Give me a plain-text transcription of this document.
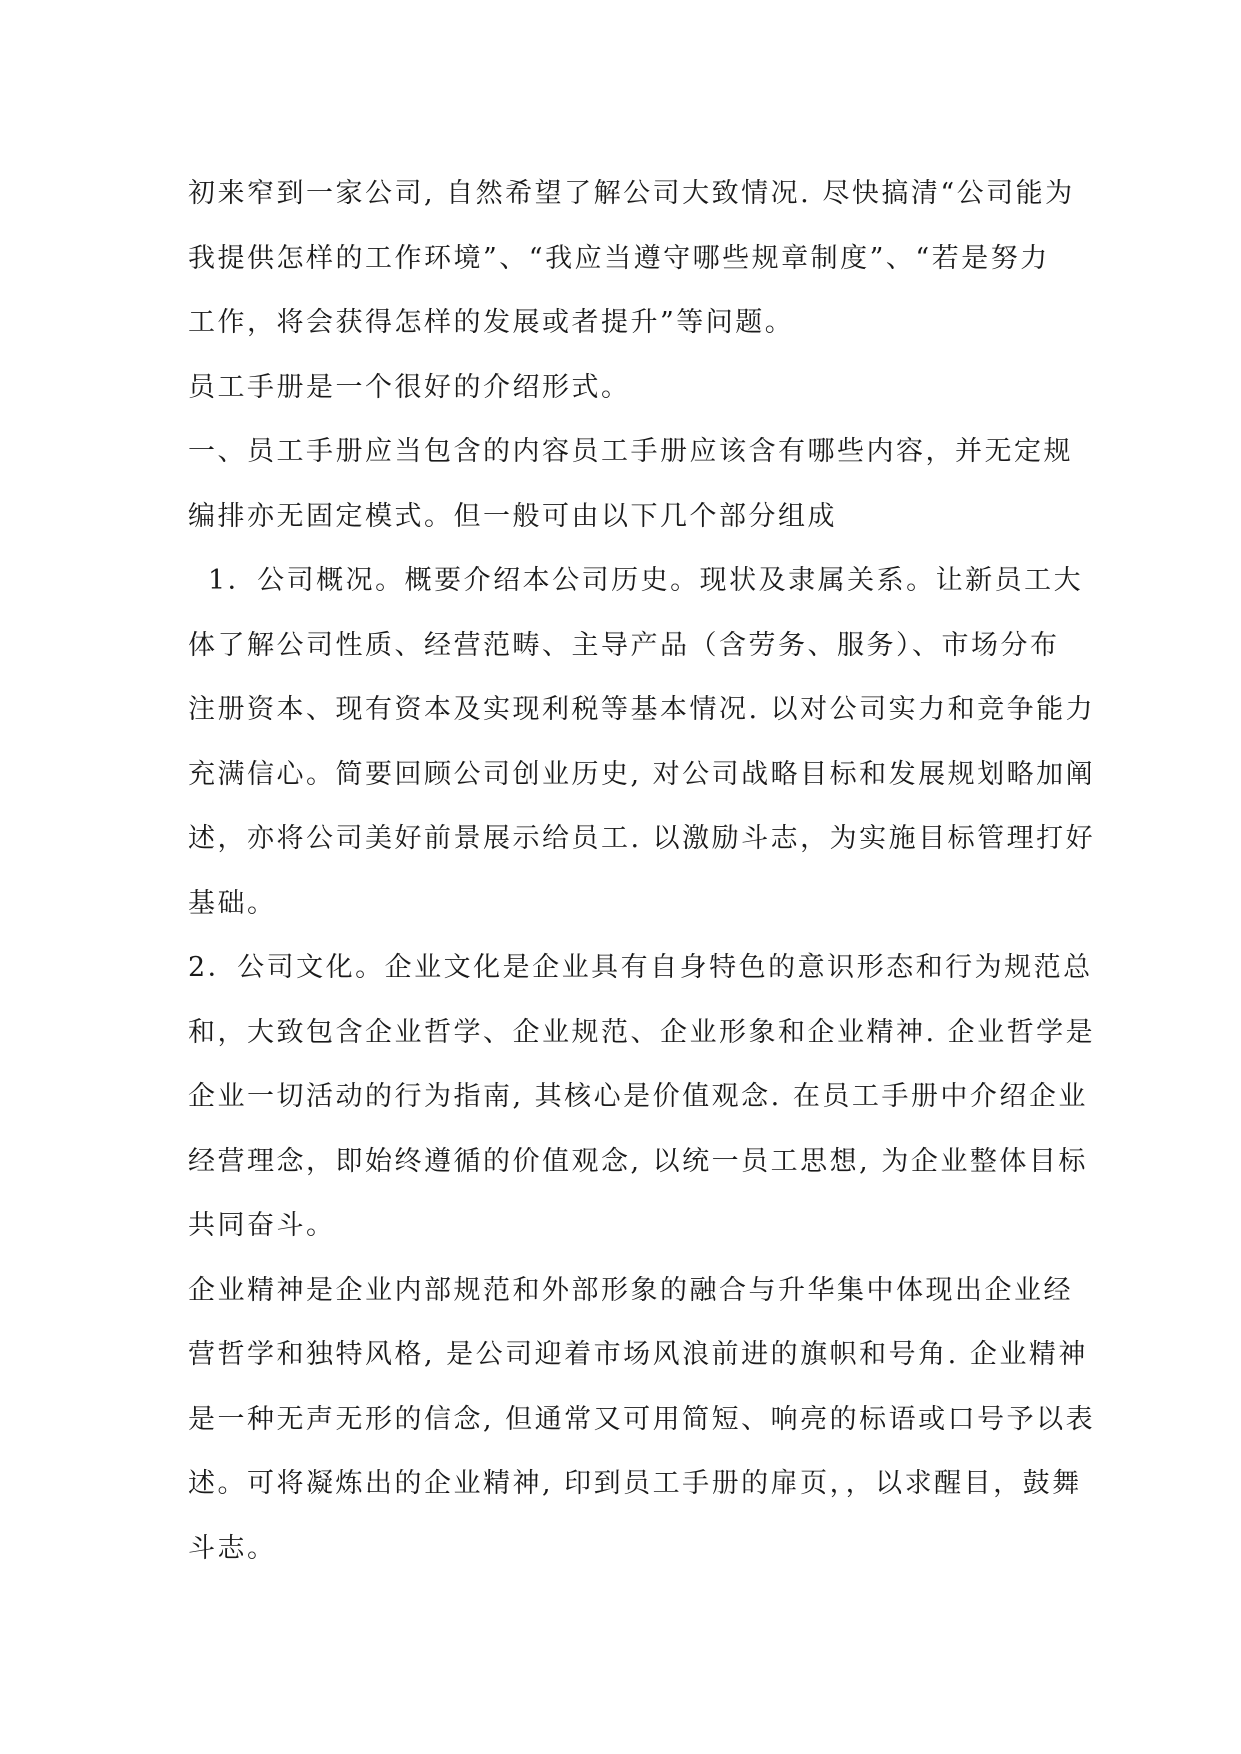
初来窄到一家公司, 自然希望了解公司大致情况. 尽快搞清“公司能为
我提供怎样的工作环境”、“我应当遵守哪些规章制度”、“若是努力
工作，将会获得怎样的发展或者提升”等问题。
员工手册是一个很好的介绍形式。
一、员工手册应当包含的内容员工手册应该含有哪些内容，并无定规
编排亦无固定模式。但一般可由以下几个部分组成
1．公司概况。概要介绍本公司历史。现状及隶属关系。让新员工大
体了解公司性质、经营范畴、主导产品（含劳务、服务）、市场分布
注册资本、现有资本及实现利税等基本情况. 以对公司实力和竞争能力
充满信心。简要回顾公司创业历史, 对公司战略目标和发展规划略加阐
述，亦将公司美好前景展示给员工. 以激励斗志，为实施目标管理打好
基础。
2．公司文化。企业文化是企业具有自身特色的意识形态和行为规范总
和，大致包含企业哲学、企业规范、企业形象和企业精神. 企业哲学是
企业一切活动的行为指南, 其核心是价值观念. 在员工手册中介绍企业
经营理念，即始终遵循的价值观念, 以统一员工思想, 为企业整体目标
共同奋斗。
企业精神是企业内部规范和外部形象的融合与升华集中体现出企业经
营哲学和独特风格, 是公司迎着市场风浪前进的旗帜和号角. 企业精神
是一种无声无形的信念, 但通常又可用简短、响亮的标语或口号予以表
述。可将凝炼出的企业精神, 印到员工手册的扉页，，以求醒目，鼓舞
斗志。
